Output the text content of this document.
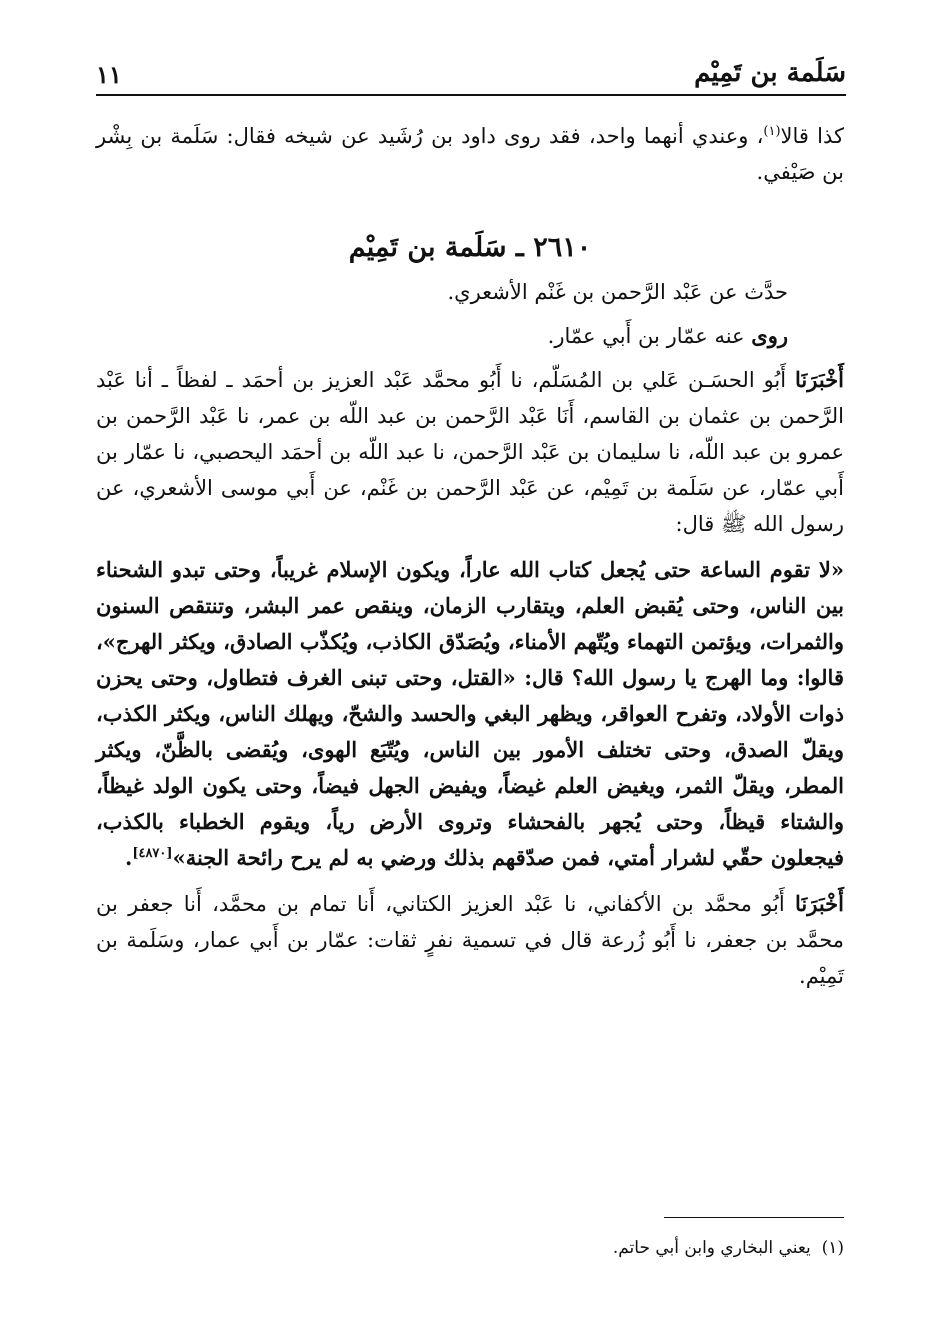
سَلَمة بن تَمِيْم
١١

كذا قالا$^{(١)}$، وعندي أنهما واحد، فقد روى داود بن رُشَيد عن شيخه فقال: سَلَمة بن بِشْر بن صَيْفي.

٢٦١٠ ـ سَلَمة بن تَمِيْم

حدَّث عن عَبْد الرَّحمن بن غَنْم الأشعري.

روى عنه عمّار بن أَبي عمّار.

أَخْبَرَنَا أَبُو الحسَـن عَلي بن المُسَلّم، نا أَبُو محمَّد عَبْد العزيز بن أحمَد ـ لفظاً ـ أنا عَبْد الرَّحمن بن عثمان بن القاسم، أَنَا عَبْد الرَّحمن بن عبد اللّه بن عمر، نا عَبْد الرَّحمن بن عمرو بن عبد اللّه، نا سليمان بن عَبْد الرَّحمن، نا عبد اللّه بن أحمَد اليحصبي، نا عمّار بن أَبي عمّار، عن سَلَمة بن تَمِيْم، عن عَبْد الرَّحمن بن غَنْم، عن أَبي موسى الأشعري، عن رسول الله ﷺ قال:

«لا تقوم الساعة حتى يُجعل كتاب الله عاراً، ويكون الإسلام غريباً، وحتى تبدو الشحناء بين الناس، وحتى يُقبض العلم، ويتقارب الزمان، وينقص عمر البشر، وتنتقص السنون والثمرات، ويؤتمن التهماء ويُتّهم الأمناء، ويُصَدّق الكاذب، ويُكذّب الصادق، ويكثر الهرج»، قالوا: وما الهرج يا رسول الله؟ قال: «القتل، وحتى تبنى الغرف فتطاول، وحتى يحزن ذوات الأولاد، وتفرح العواقر، ويظهر البغي والحسد والشحّ، ويهلك الناس، ويكثر الكذب، ويقلّ الصدق، وحتى تختلف الأمور بين الناس، ويُتّبَع الهوى، ويُقضى بالظَّنّ، ويكثر المطر، ويقلّ الثمر، ويغيض العلم غيضاً، ويفيض الجهل فيضاً، وحتى يكون الولد غيظاً، والشتاء قيظاً، وحتى يُجهر بالفحشاء وتروى الأرض رياً، ويقوم الخطباء بالكذب، فيجعلون حقّي لشرار أمتي، فمن صدّقهم بذلك ورضي به لم يرح رائحة الجنة»[٤٨٧٠].

أَخْبَرَنَا أَبُو محمَّد بن الأكفاني، نا عَبْد العزيز الكتاني، أَنا تمام بن محمَّد، أَنا جعفر بن محمَّد بن جعفر، نا أَبُو زُرعة قال في تسمية نفرٍ ثقات: عمّار بن أَبي عمار، وسَلَمة بن تَمِيْم.

(١)  يعني البخاري وابن أبي حاتم.
